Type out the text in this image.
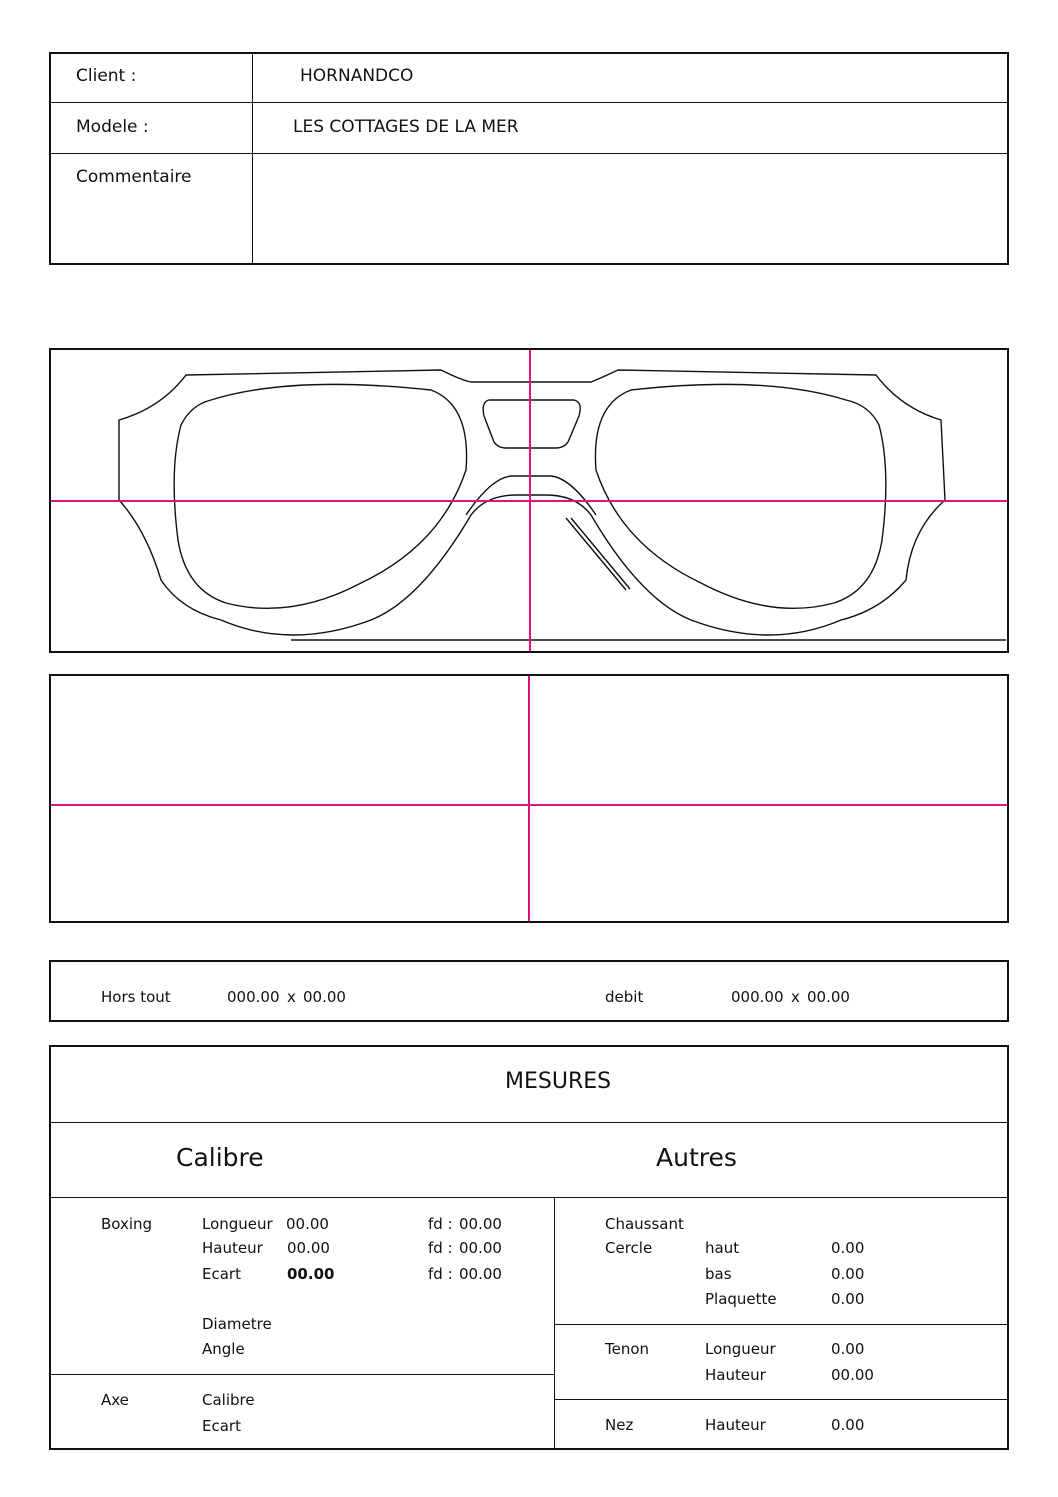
Client :	HORNANDCO
Modele :	LES COTTAGES DE LA MER
Commentaire
Hors tout	000.00 x 00.00	debit	000.00 x 00.00
MESURES
Calibre	Autres
Boxing	Longueur 00.00	fd : 00.00
Hauteur 00.00	fd : 00.00
Ecart	00.00	fd : 00.00
Diametre
Angle
Axe	Calibre
Ecart
Chaussant
Cercle	haut	0.00
bas	0.00
Plaquette	0.00
Tenon	Longueur	0.00
Hauteur	00.00
Nez	Hauteur	0.00
